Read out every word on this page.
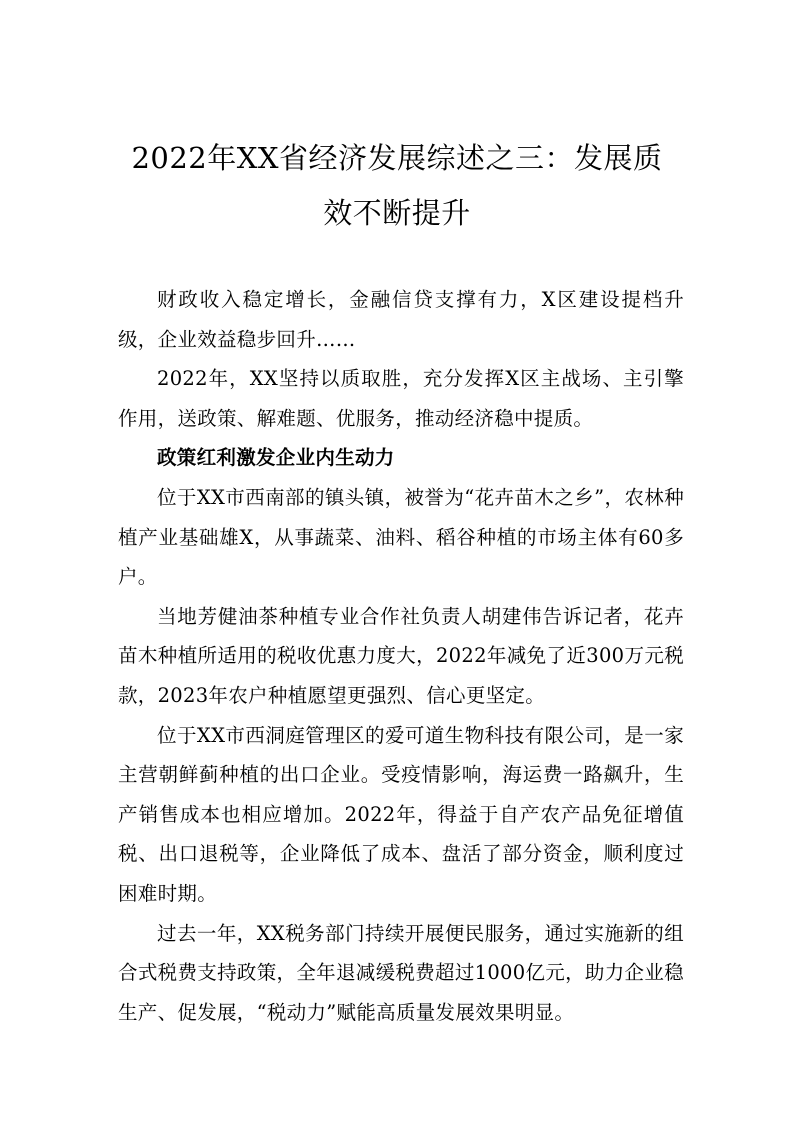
2022年XX省经济发展综述之三：发展质
效不断提升

财政收入稳定增长，金融信贷支撑有力，X区建设提档升级，企业效益稳步回升……

2022年，XX坚持以质取胜，充分发挥X区主战场、主引擎作用，送政策、解难题、优服务，推动经济稳中提质。

政策红利激发企业内生动力

位于XX市西南部的镇头镇，被誉为“花卉苗木之乡”，农林种植产业基础雄X，从事蔬菜、油料、稻谷种植的市场主体有60多户。

当地芳健油茶种植专业合作社负责人胡建伟告诉记者，花卉苗木种植所适用的税收优惠力度大，2022年减免了近300万元税款，2023年农户种植愿望更强烈、信心更坚定。

位于XX市西洞庭管理区的爱可道生物科技有限公司，是一家主营朝鲜蓟种植的出口企业。受疫情影响，海运费一路飙升，生产销售成本也相应增加。2022年，得益于自产农产品免征增值税、出口退税等，企业降低了成本、盘活了部分资金，顺利度过困难时期。

过去一年，XX税务部门持续开展便民服务，通过实施新的组合式税费支持政策，全年退减缓税费超过1000亿元，助力企业稳生产、促发展，“税动力”赋能高质量发展效果明显。
